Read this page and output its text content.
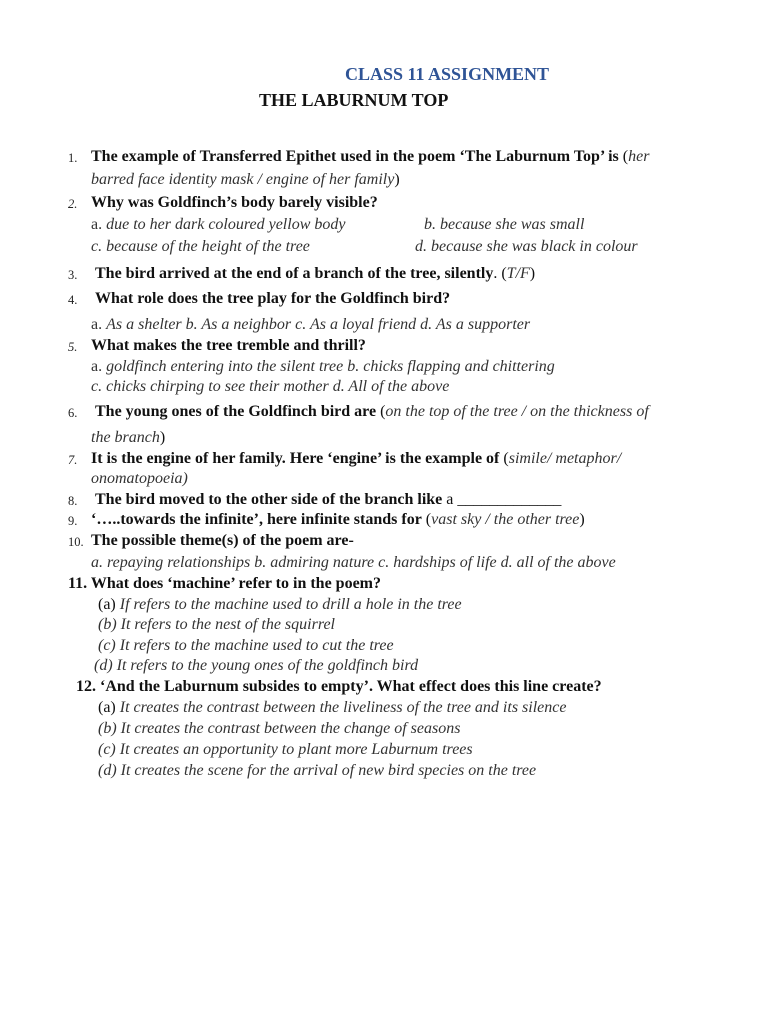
CLASS 11 ASSIGNMENT
THE LABURNUM TOP
1. The example of Transferred Epithet used in the poem ‘The Laburnum Top’ is (her
barred face identity mask / engine of her family)
2. Why was Goldfinch’s body barely visible?
a. due to her dark coloured yellow body	b. because she was small
c. because of the height of the tree	d. because she was black in colour
3. The bird arrived at the end of a branch of the tree, silently. (T/F)
4. What role does the tree play for the Goldfinch bird?
a. As a shelter b. As a neighbor c. As a loyal friend d. As a supporter
5. What makes the tree tremble and thrill?
a. goldfinch entering into the silent tree b. chicks flapping and chittering
c. chicks chirping to see their mother d. All of the above
6. The young ones of the Goldfinch bird are (on the top of the tree / on the thickness of
the branch)
7. It is the engine of her family. Here ‘engine’ is the example of (simile/ metaphor/
onomatopoeia)
8. The bird moved to the other side of the branch like a _____________
9. ‘…..towards the infinite’, here infinite stands for (vast sky / the other tree)
10. The possible theme(s) of the poem are-
a. repaying relationships b. admiring nature c. hardships of life d. all of the above
11. What does ‘machine’ refer to in the poem?
(a) If refers to the machine used to drill a hole in the tree
(b) It refers to the nest of the squirrel
(c) It refers to the machine used to cut the tree
(d) It refers to the young ones of the goldfinch bird
12. ‘And the Laburnum subsides to empty’. What effect does this line create?
(a) It creates the contrast between the liveliness of the tree and its silence
(b) It creates the contrast between the change of seasons
(c) It creates an opportunity to plant more Laburnum trees
(d) It creates the scene for the arrival of new bird species on the tree
